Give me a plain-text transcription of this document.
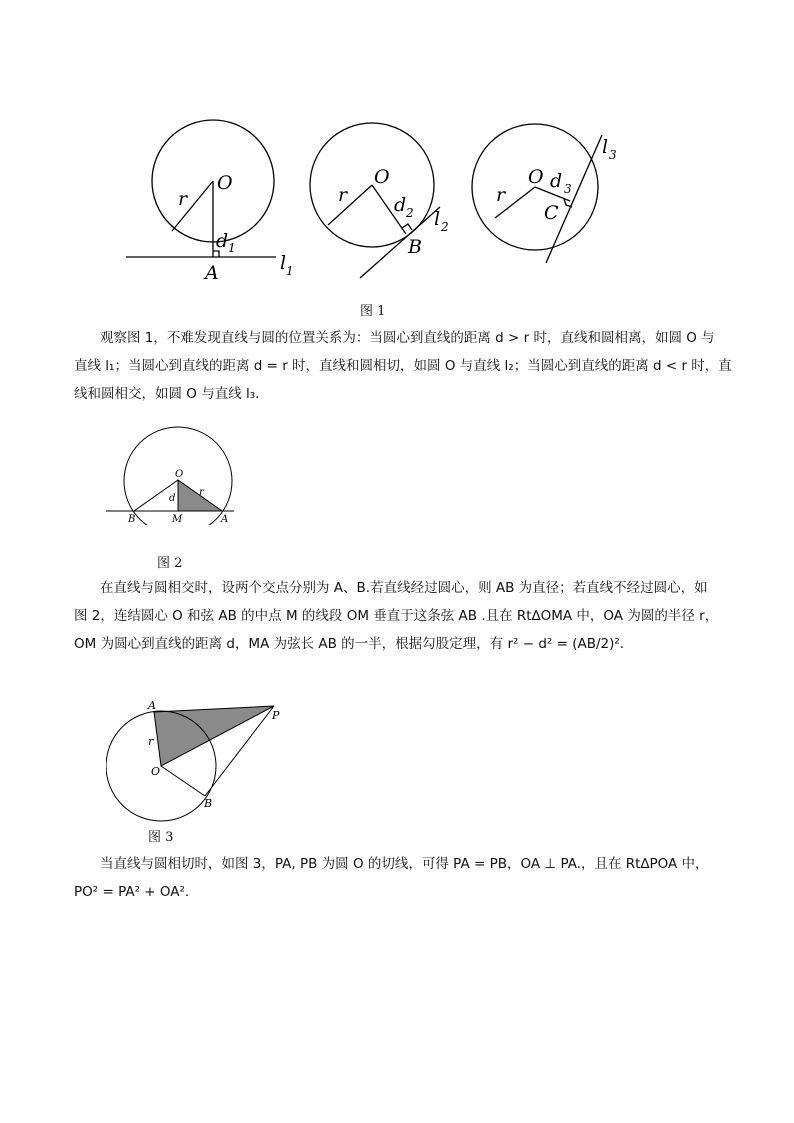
O
r
d 1
A	l 1
O
r d 2
B
l 2
O
r
d 3
C
l 3
图 1
观察图 1，不难发现直线与圆的位置关系为：当圆心到直线的距离 d > r 时，直线和圆相离，如圆 O 与
直线 l₁；当圆心到直线的距离 d = r 时，直线和圆相切，如圆 O 与直线 l₂；当圆心到直线的距离 d < r 时，直
线和圆相交，如圆 O 与直线 l₃.
O
d
r
B	M	A
图 2
在直线与圆相交时，设两个交点分别为 A、B.若直线经过圆心，则 AB 为直径；若直线不经过圆心，如
图 2，连结圆心 O 和弦 AB 的中点 M 的线段 OM 垂直于这条弦 AB .且在 Rt∆OMA 中，OA 为圆的半径 r，
OM 为圆心到直线的距离 d，MA 为弦长 AB 的一半，根据勾股定理，有 r² − d² = (AB/2)².
A
P
r
O
B
图 3
当直线与圆相切时，如图 3，PA, PB 为圆 O 的切线，可得 PA = PB，OA ⊥ PA.，且在 Rt∆POA 中，
PO² = PA² + OA².
